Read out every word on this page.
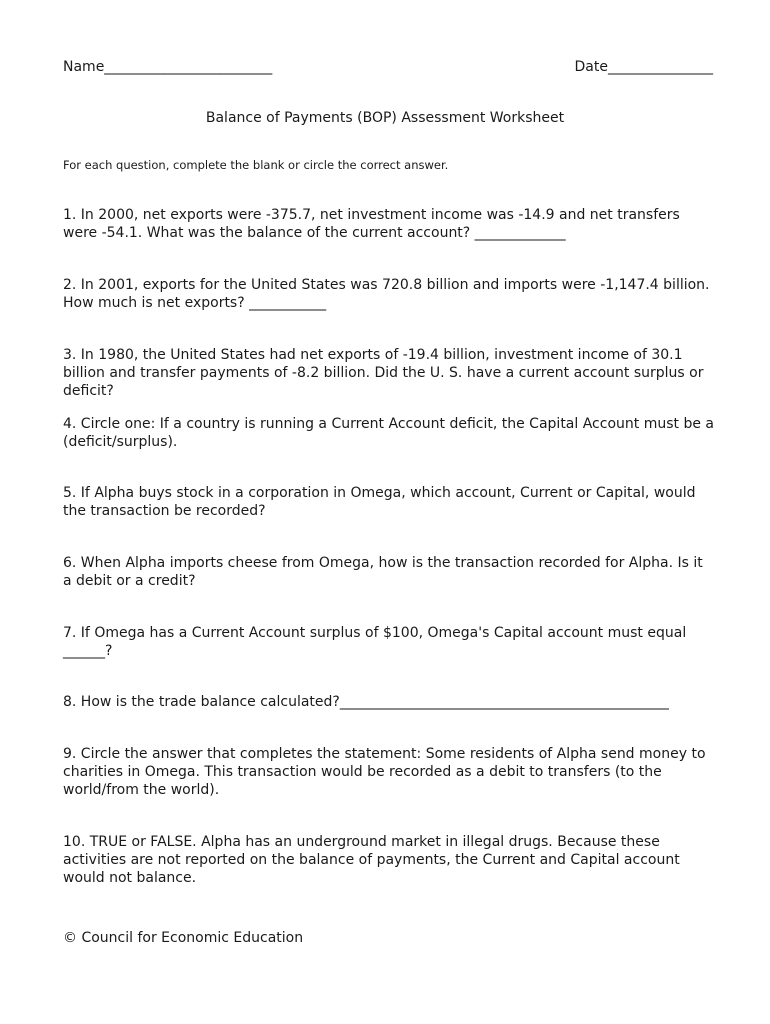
Name________________________	Date_______________
Balance of Payments (BOP) Assessment Worksheet
For each question, complete the blank or circle the correct answer.

1. In 2000, net exports were -375.7, net investment income was -14.9 and net transfers were -54.1. What was the balance of the current account? _____________

2. In 2001, exports for the United States was 720.8 billion and imports were -1,147.4 billion. How much is net exports? ___________

3. In 1980, the United States had net exports of -19.4 billion, investment income of 30.1 billion and transfer payments of -8.2 billion. Did the U. S. have a current account surplus or deficit?

4. Circle one: If a country is running a Current Account deficit, the Capital Account must be a (deficit/surplus).

5. If Alpha buys stock in a corporation in Omega, which account, Current or Capital, would the transaction be recorded?

6. When Alpha imports cheese from Omega, how is the transaction recorded for Alpha. Is it a debit or a credit?

7. If Omega has a Current Account surplus of $100, Omega's Capital account must equal ______?

8. How is the trade balance calculated?_______________________________________________

9. Circle the answer that completes the statement: Some residents of Alpha send money to charities in Omega. This transaction would be recorded as a debit to transfers (to the world/from the world).

10. TRUE or FALSE. Alpha has an underground market in illegal drugs. Because these activities are not reported on the balance of payments, the Current and Capital account would not balance.

© Council for Economic Education
